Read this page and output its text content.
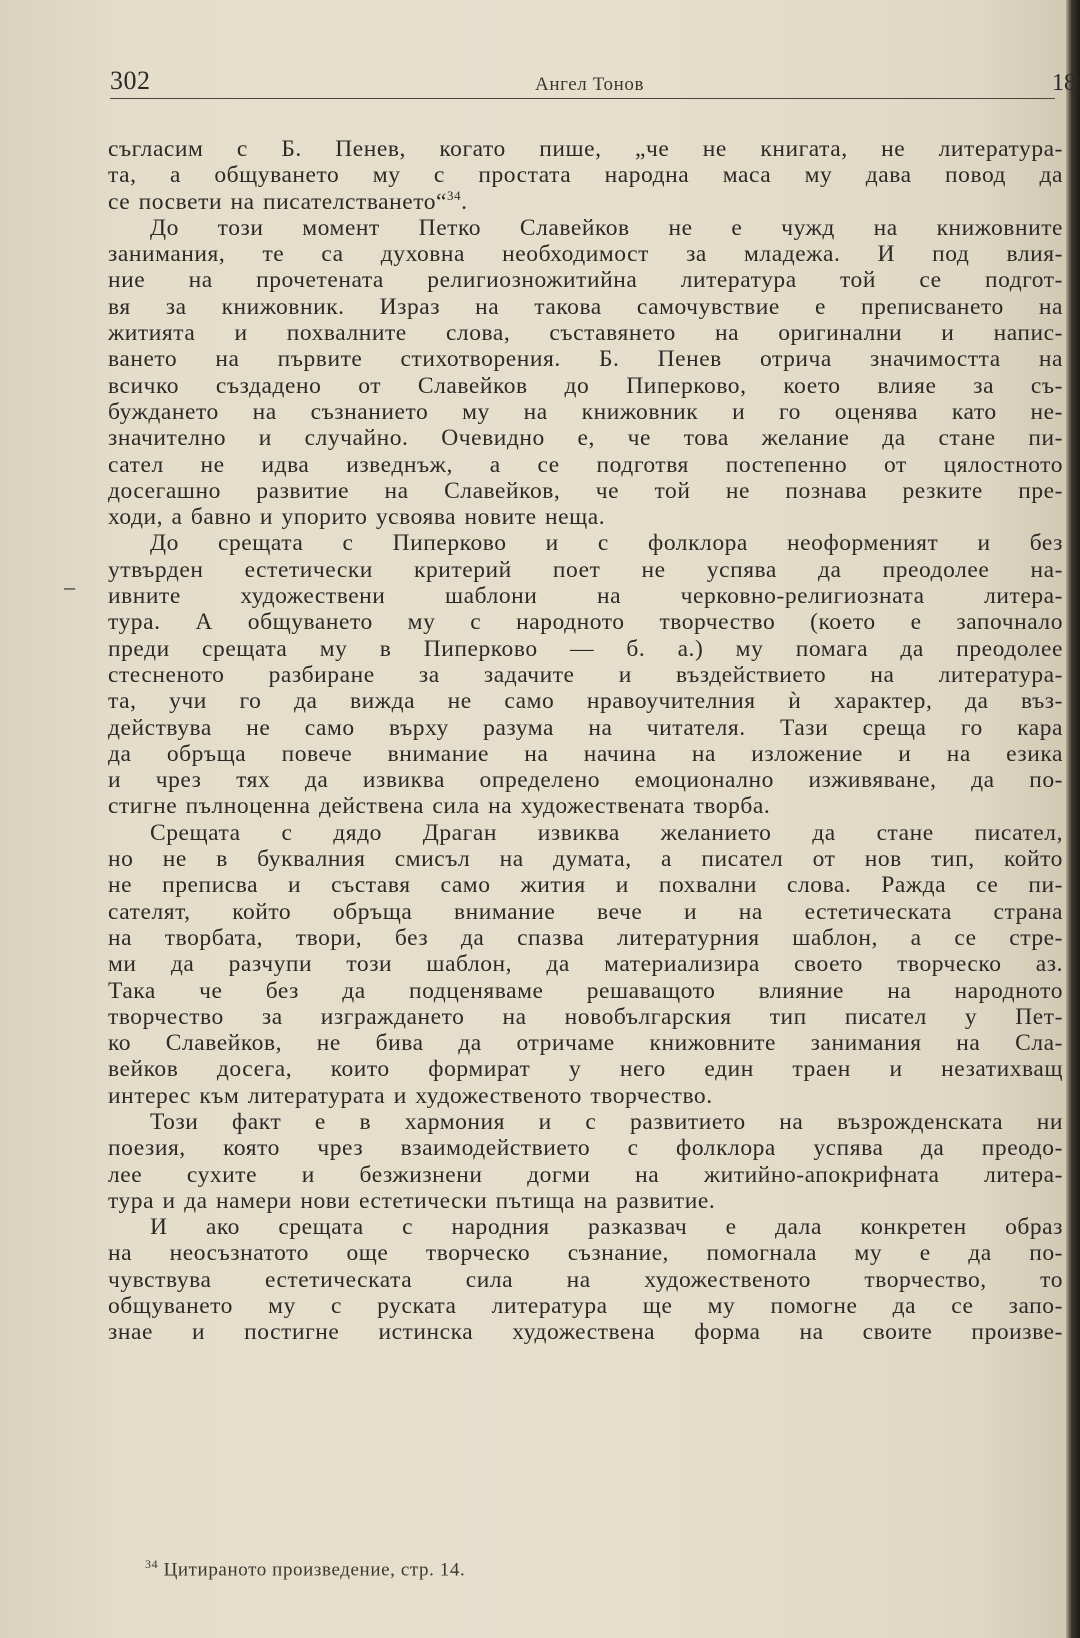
302	Ангел Тонов	18
–
съгласим с Б. Пенев, когато пише, „че не книгата, не литература-
та, а общуването му с простата народна маса му дава повод да
се посвети на писателстването“$^{34}$.
До този момент Петко Славейков не е чужд на книжовните
занимания, те са духовна необходимост за младежа. И под влия-
ние на прочетената религиозножитийна литература той се подгот-
вя за книжовник. Израз на такова самочувствие е преписването на
житията и похвалните слова, съставянето на оригинални и напис-
ването на първите стихотворения. Б. Пенев отрича значимостта на
всичко създадено от Славейков до Пиперково, което влияе за съ-
буждането на съзнанието му на книжовник и го оценява като не-
значително и случайно. Очевидно е, че това желание да стане пи-
сател не идва изведнъж, а се подготвя постепенно от цялостното
досегашно развитие на Славейков, че той не познава резките пре-
ходи, а бавно и упорито усвоява новите неща.
До срещата с Пиперково и с фолклора неоформеният и без
утвърден естетически критерий поет не успява да преодолее на-
ивните художествени шаблони на черковно-религиозната литера-
тура. А общуването му с народното творчество (което е започнало
преди срещата му в Пиперково — б. а.) му помага да преодолее
стесненото разбиране за задачите и въздействието на литература-
та, учи го да вижда не само нравоучителния ѝ характер, да въз-
действува не само върху разума на читателя. Тази среща го кара
да обръща повече внимание на начина на изложение и на езика
и чрез тях да извиква определено емоционално изживяване, да по-
стигне пълноценна действена сила на художествената творба.
Срещата с дядо Драган извиква желанието да стане писател,
но не в буквалния смисъл на думата, а писател от нов тип, който
не преписва и съставя само жития и похвални слова. Ражда се пи-
сателят, който обръща внимание вече и на естетическата страна
на творбата, твори, без да спазва литературния шаблон, а се стре-
ми да разчупи този шаблон, да материализира своето творческо аз.
Така че без да подценяваме решаващото влияние на народното
творчество за изграждането на новобългарския тип писател у Пет-
ко Славейков, не бива да отричаме книжовните занимания на Сла-
вейков досега, които формират у него един траен и незатихващ
интерес към литературата и художественото творчество.
Този факт е в хармония и с развитието на възрожденската ни
поезия, която чрез взаимодействието с фолклора успява да преодо-
лее сухите и безжизнени догми на житийно-апокрифната литера-
тура и да намери нови естетически пътища на развитие.
И ако срещата с народния разказвач е дала конкретен образ
на неосъзнатото още творческо съзнание, помогнала му е да по-
чувствува естетическата сила на художественото творчество, то
общуването му с руската литература ще му помогне да се запо-
знае и постигне истинска художествена форма на своите произве-
$^{34}$ Цитираното произведение, стр. 14.
